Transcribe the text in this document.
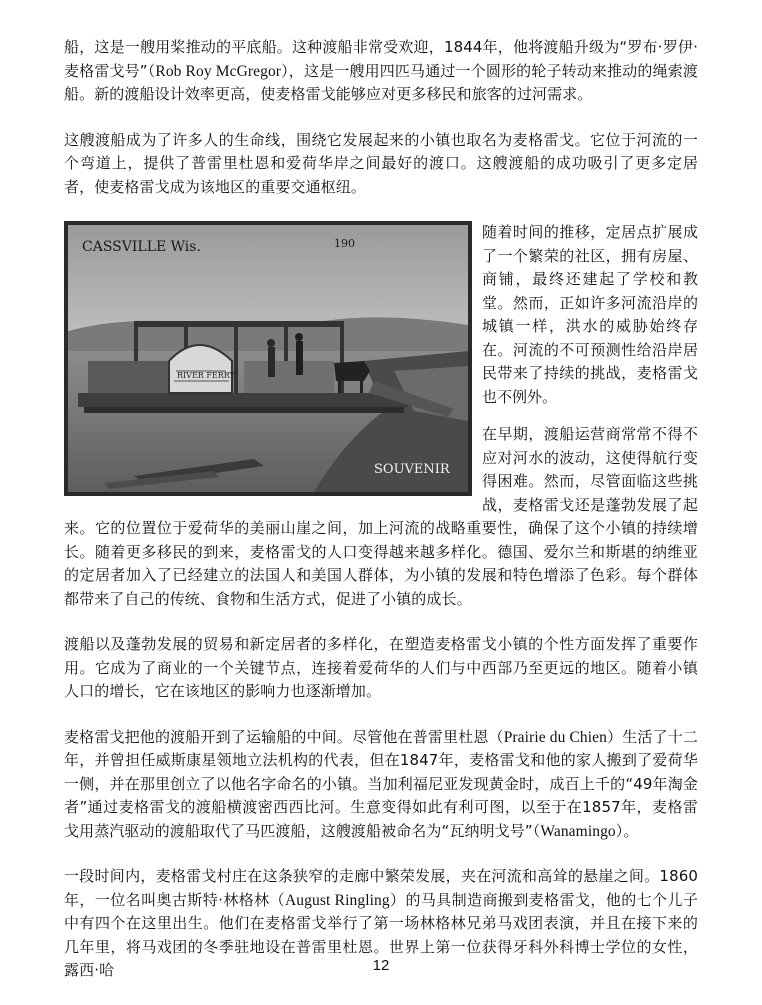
船，这是一艘用桨推动的平底船。这种渡船非常受欢迎，1844年，他将渡船升级为“罗布·罗伊·麦格雷戈号”（Rob Roy McGregor），这是一艘用四匹马通过一个圆形的轮子转动来推动的绳索渡船。新的渡船设计效率更高，使麦格雷戈能够应对更多移民和旅客的过河需求。

这艘渡船成为了许多人的生命线，围绕它发展起来的小镇也取名为麦格雷戈。它位于河流的一个弯道上，提供了普雷里杜恩和爱荷华岸之间最好的渡口。这艘渡船的成功吸引了更多定居者，使麦格雷戈成为该地区的重要交通枢纽。

CASSVILLE Wis.	190
RIVER FERRY
SOUVENIR

随着时间的推移，定居点扩展成了一个繁荣的社区，拥有房屋、商铺，最终还建起了学校和教堂。然而，正如许多河流沿岸的城镇一样，洪水的威胁始终存在。河流的不可预测性给沿岸居民带来了持续的挑战，麦格雷戈也不例外。

在早期，渡船运营商常常不得不应对河水的波动，这使得航行变得困难。然而，尽管面临这些挑战，麦格雷戈还是蓬勃发展了起来。它的位置位于爱荷华的美丽山崖之间，加上河流的战略重要性，确保了这个小镇的持续增长。随着更多移民的到来，麦格雷戈的人口变得越来越多样化。德国、爱尔兰和斯堪的纳维亚的定居者加入了已经建立的法国人和美国人群体，为小镇的发展和特色增添了色彩。每个群体都带来了自己的传统、食物和生活方式，促进了小镇的成长。

渡船以及蓬勃发展的贸易和新定居者的多样化，在塑造麦格雷戈小镇的个性方面发挥了重要作用。它成为了商业的一个关键节点，连接着爱荷华的人们与中西部乃至更远的地区。随着小镇人口的增长，它在该地区的影响力也逐渐增加。

麦格雷戈把他的渡船开到了运输船的中间。尽管他在普雷里杜恩（Prairie du Chien）生活了十二年，并曾担任威斯康星领地立法机构的代表，但在1847年，麦格雷戈和他的家人搬到了爱荷华一侧，并在那里创立了以他名字命名的小镇。当加利福尼亚发现黄金时，成百上千的“49年淘金者”通过麦格雷戈的渡船横渡密西西比河。生意变得如此有利可图，以至于在1857年，麦格雷戈用蒸汽驱动的渡船取代了马匹渡船，这艘渡船被命名为“瓦纳明戈号”（Wanamingo）。

一段时间内，麦格雷戈村庄在这条狭窄的走廊中繁荣发展，夹在河流和高耸的悬崖之间。1860年，一位名叫奥古斯特·林格林（August Ringling）的马具制造商搬到麦格雷戈，他的七个儿子中有四个在这里出生。他们在麦格雷戈举行了第一场林格林兄弟马戏团表演，并且在接下来的几年里，将马戏团的冬季驻地设在普雷里杜恩。世界上第一位获得牙科外科博士学位的女性，露西·哈	12
